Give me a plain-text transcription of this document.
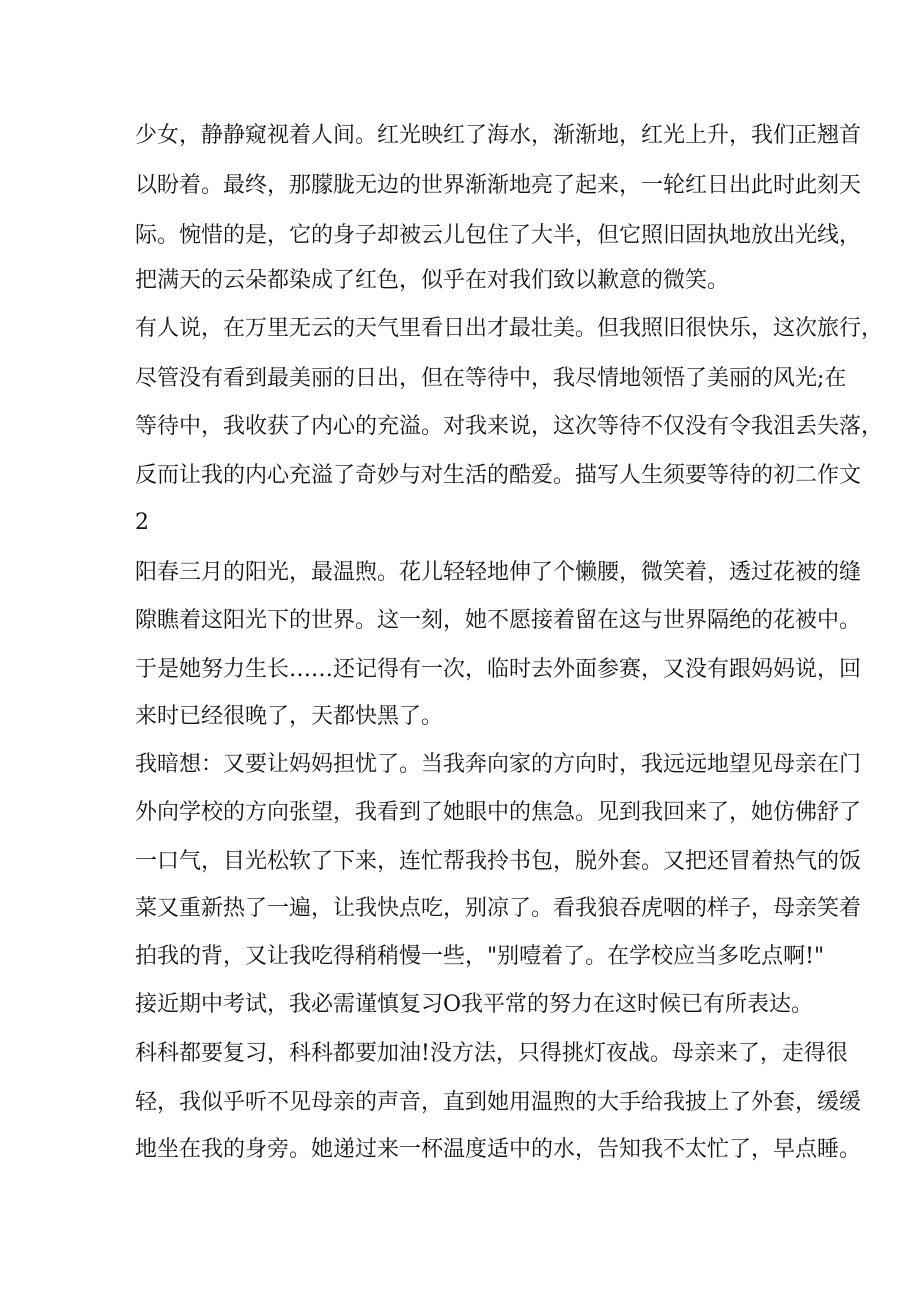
少女，静静窥视着人间。红光映红了海水，渐渐地，红光上升，我们正翘首
以盼着。最终，那朦胧无边的世界渐渐地亮了起来，一轮红日出此时此刻天
际。惋惜的是，它的身子却被云儿包住了大半，但它照旧固执地放出光线，
把满天的云朵都染成了红色，似乎在对我们致以歉意的微笑。
有人说，在万里无云的天气里看日出才最壮美。但我照旧很快乐，这次旅行，
尽管没有看到最美丽的日出，但在等待中，我尽情地领悟了美丽的风光;在
等待中，我收获了内心的充溢。对我来说，这次等待不仅没有令我沮丢失落，
反而让我的内心充溢了奇妙与对生活的酷爱。描写人生须要等待的初二作文
2
阳春三月的阳光，最温煦。花儿轻轻地伸了个懒腰，微笑着，透过花被的缝
隙瞧着这阳光下的世界。这一刻，她不愿接着留在这与世界隔绝的花被中。
于是她努力生长……还记得有一次，临时去外面参赛，又没有跟妈妈说，回
来时已经很晚了，天都快黑了。
我暗想：又要让妈妈担忧了。当我奔向家的方向时，我远远地望见母亲在门
外向学校的方向张望，我看到了她眼中的焦急。见到我回来了，她仿佛舒了
一口气，目光松软了下来，连忙帮我拎书包，脱外套。又把还冒着热气的饭
菜又重新热了一遍，让我快点吃，别凉了。看我狼吞虎咽的样子，母亲笑着
拍我的背，又让我吃得稍稍慢一些，"别噎着了。在学校应当多吃点啊!"
接近期中考试，我必需谨慎复习O我平常的努力在这时候已有所表达。
科科都要复习，科科都要加油!没方法，只得挑灯夜战。母亲来了，走得很
轻，我似乎听不见母亲的声音，直到她用温煦的大手给我披上了外套，缓缓
地坐在我的身旁。她递过来一杯温度适中的水，告知我不太忙了，早点睡。
